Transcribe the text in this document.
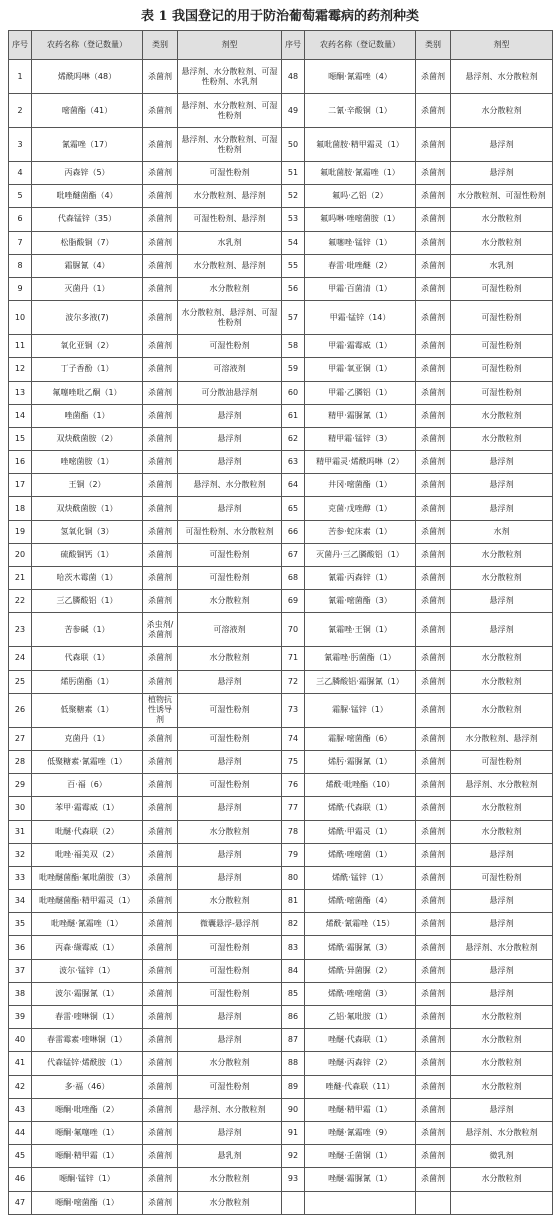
表 1 我国登记的用于防治葡萄霜霉病的药剂种类
序号	农药名称（登记数量）	类别	剂型	序号	农药名称（登记数量）	类别	剂型
1	烯酰吗啉（48）	杀菌剂	悬浮剂、水分散粒剂、可湿性粉剂、水乳剂	48	噁酮·氰霜唑（4）	杀菌剂	悬浮剂、水分散粒剂
2	嘧菌酯（41）	杀菌剂	悬浮剂、水分散粒剂、可湿性粉剂	49	二氰·辛酸铜（1）	杀菌剂	水分散粒剂
3	氰霜唑（17）	杀菌剂	悬浮剂、水分散粒剂、可湿性粉剂	50	氟吡菌胺·精甲霜灵（1）	杀菌剂	悬浮剂
4	丙森锌（5）	杀菌剂	可湿性粉剂	51	氟吡菌胺·氰霜唑（1）	杀菌剂	悬浮剂
5	吡唑醚菌酯（4）	杀菌剂	水分散粒剂、悬浮剂	52	氟吗·乙铝（2）	杀菌剂	水分散粒剂、可湿性粉剂
6	代森锰锌（35）	杀菌剂	可湿性粉剂、悬浮剂	53	氟吗啉·唑嘧菌胺（1）	杀菌剂	水分散粒剂
7	松脂酸铜（7）	杀菌剂	水乳剂	54	氟噻唑·锰锌（1）	杀菌剂	水分散粒剂
8	霜脲氰（4）	杀菌剂	水分散粒剂、悬浮剂	55	春雷·吡唑醚（2）	杀菌剂	水乳剂
9	灭菌丹（1）	杀菌剂	水分散粒剂	56	甲霜·百菌清（1）	杀菌剂	可湿性粉剂
10	波尔多液(7)	杀菌剂	水分散粒剂、悬浮剂、可湿性粉剂	57	甲霜·锰锌（14）	杀菌剂	可湿性粉剂
11	氧化亚铜（2）	杀菌剂	可湿性粉剂	58	甲霜·霜霉威（1）	杀菌剂	可湿性粉剂
12	丁子香酚（1）	杀菌剂	可溶液剂	59	甲霜·氧亚铜（1）	杀菌剂	可湿性粉剂
13	氟噻唑吡乙酮（1）	杀菌剂	可分散油悬浮剂	60	甲霜·乙膦铝（1）	杀菌剂	可湿性粉剂
14	唑菌酯（1）	杀菌剂	悬浮剂	61	精甲·霜脲氰（1）	杀菌剂	水分散粒剂
15	双炔酰菌胺（2）	杀菌剂	悬浮剂	62	精甲霜·锰锌（3）	杀菌剂	水分散粒剂
16	唑嘧菌胺（1）	杀菌剂	悬浮剂	63	精甲霜灵·烯酰吗啉（2）	杀菌剂	悬浮剂
17	王铜（2）	杀菌剂	悬浮剂、水分散粒剂	64	井冈·嘧菌酯（1）	杀菌剂	悬浮剂
18	双炔酰菌胺（1）	杀菌剂	悬浮剂	65	克菌·戊唑醇（1）	杀菌剂	悬浮剂
19	氢氧化铜（3）	杀菌剂	可湿性粉剂、水分散粒剂	66	苦参·蛇床素（1）	杀菌剂	水剂
20	硫酸铜钙（1）	杀菌剂	可湿性粉剂	67	灭菌丹·三乙膦酸铝（1）	杀菌剂	水分散粒剂
21	哈茨木霉菌（1）	杀菌剂	可湿性粉剂	68	氰霜·丙森锌（1）	杀菌剂	水分散粒剂
22	三乙膦酸铝（1）	杀菌剂	水分散粒剂	69	氰霜·嘧菌酯（3）	杀菌剂	悬浮剂
23	苦参碱（1）	杀虫剂/杀菌剂	可溶液剂	70	氰霜唑·王铜（1）	杀菌剂	悬浮剂
24	代森联（1）	杀菌剂	水分散粒剂	71	氰霜唑·肟菌酯（1）	杀菌剂	水分散粒剂
25	烯肟菌酯（1）	杀菌剂	悬浮剂	72	三乙膦酸铝·霜脲氰（1）	杀菌剂	水分散粒剂
26	低聚糖素（1）	植物抗性诱导剂	可湿性粉剂	73	霜脲·锰锌（1）	杀菌剂	水分散粒剂
27	克菌丹（1）	杀菌剂	可湿性粉剂	74	霜脲·嘧菌酯（6）	杀菌剂	水分散粒剂、悬浮剂
28	低聚糖素·氰霜唑（1）	杀菌剂	悬浮剂	75	烯肟·霜脲氰（1）	杀菌剂	可湿性粉剂
29	百·福（6）	杀菌剂	可湿性粉剂	76	烯酰·吡唑酯（10）	杀菌剂	悬浮剂、水分散粒剂
30	苯甲·霜霉威（1）	杀菌剂	悬浮剂	77	烯酰·代森联（1）	杀菌剂	水分散粒剂
31	吡醚·代森联（2）	杀菌剂	水分散粒剂	78	烯酰·甲霜灵（1）	杀菌剂	水分散粒剂
32	吡唑·福美双（2）	杀菌剂	悬浮剂	79	烯酰·唑嘧菌（1）	杀菌剂	悬浮剂
33	吡唑醚菌酯·氟吡菌胺（3）	杀菌剂	悬浮剂	80	烯酰·锰锌（1）	杀菌剂	可湿性粉剂
34	吡唑醚菌酯·精甲霜灵（1）	杀菌剂	水分散粒剂	81	烯酰·嘧菌酯（4）	杀菌剂	悬浮剂
35	吡唑醚·氰霜唑（1）	杀菌剂	微囊悬浮-悬浮剂	82	烯酰·氰霜唑（15）	杀菌剂	悬浮剂
36	丙森·缬霉威（1）	杀菌剂	可湿性粉剂	83	烯酰·霜脲氰（3）	杀菌剂	悬浮剂、水分散粒剂
37	波尔·锰锌（1）	杀菌剂	可湿性粉剂	84	烯酰·异菌脲（2）	杀菌剂	悬浮剂
38	波尔·霜脲氰（1）	杀菌剂	可湿性粉剂	85	烯酰·唑嘧菌（3）	杀菌剂	悬浮剂
39	春雷·喹啉铜（1）	杀菌剂	悬浮剂	86	乙铝·氟吡胺（1）	杀菌剂	水分散粒剂
40	春雷霉素·喹啉铜（1）	杀菌剂	悬浮剂	87	唑醚·代森联（1）	杀菌剂	水分散粒剂
41	代森锰锌·烯酰胺（1）	杀菌剂	水分散粒剂	88	唑醚·丙森锌（2）	杀菌剂	水分散粒剂
42	多·福（46）	杀菌剂	可湿性粉剂	89	唑醚·代森联（11）	杀菌剂	水分散粒剂
43	噁酮·吡唑酯（2）	杀菌剂	悬浮剂、水分散粒剂	90	唑醚·精甲霜（1）	杀菌剂	悬浮剂
44	噁酮·氟噻唑（1）	杀菌剂	悬浮剂	91	唑醚·氰霜唑（9）	杀菌剂	悬浮剂、水分散粒剂
45	噁酮·精甲霜（1）	杀菌剂	悬乳剂	92	唑醚·壬菌铜（1）	杀菌剂	微乳剂
46	噁酮·锰锌（1）	杀菌剂	水分散粒剂	93	唑醚·霜脲氰（1）	杀菌剂	水分散粒剂
47	噁酮·嘧菌酯（1）	杀菌剂	水分散粒剂				
